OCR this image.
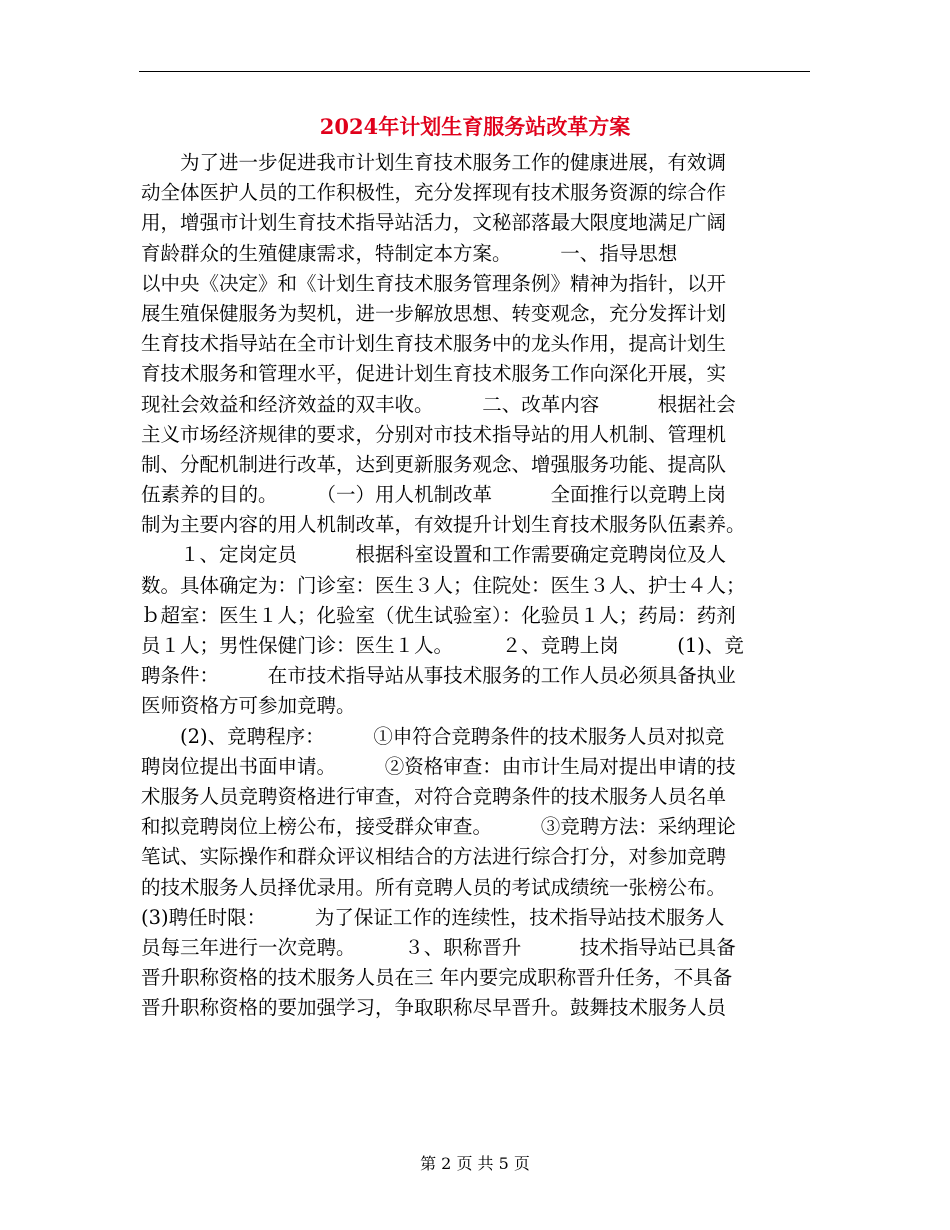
2024年计划生育服务站改革方案
　　为了进一步促进我市计划生育技术服务工作的健康进展，有效调
动全体医护人员的工作积极性，充分发挥现有技术服务资源的综合作
用，增强市计划生育技术指导站活力，文秘部落最大限度地满足广阔
育龄群众的生殖健康需求，特制定本方案。　　　一、指导思想
以中央《决定》和《计划生育技术服务管理条例》精神为指针，以开
展生殖保健服务为契机，进一步解放思想、转变观念，充分发挥计划
生育技术指导站在全市计划生育技术服务中的龙头作用，提高计划生
育技术服务和管理水平，促进计划生育技术服务工作向深化开展，实
现社会效益和经济效益的双丰收。　　　二、改革内容　　　根据社会
主义市场经济规律的要求，分别对市技术指导站的用人机制、管理机
制、分配机制进行改革，达到更新服务观念、增强服务功能、提高队
伍素养的目的。　　　（一）用人机制改革　　　全面推行以竞聘上岗
制为主要内容的用人机制改革，有效提升计划生育技术服务队伍素养。
　　１、定岗定员　　　根据科室设置和工作需要确定竞聘岗位及人
数。具体确定为：门诊室：医生３人；住院处：医生３人、护士４人；
ｂ超室：医生１人；化验室（优生试验室）：化验员１人；药局：药剂
员１人；男性保健门诊：医生１人。　　　２、竞聘上岗　　　(1)、竞
聘条件：　　　在市技术指导站从事技术服务的工作人员必须具备执业
医师资格方可参加竞聘。
　　(2)、竞聘程序：　　　①申符合竞聘条件的技术服务人员对拟竞
聘岗位提出书面申请。　　　②资格审查：由市计生局对提出申请的技
术服务人员竞聘资格进行审查，对符合竞聘条件的技术服务人员名单
和拟竞聘岗位上榜公布，接受群众审查。　　　③竞聘方法：采纳理论
笔试、实际操作和群众评议相结合的方法进行综合打分，对参加竞聘
的技术服务人员择优录用。所有竞聘人员的考试成绩统一张榜公布。
(3)聘任时限：　　　为了保证工作的连续性，技术指导站技术服务人
员每三年进行一次竞聘。　　　３、职称晋升　　　技术指导站已具备
晋升职称资格的技术服务人员在三 年内要完成职称晋升任务，不具备
晋升职称资格的要加强学习，争取职称尽早晋升。鼓舞技术服务人员
第 2 页 共 5 页
